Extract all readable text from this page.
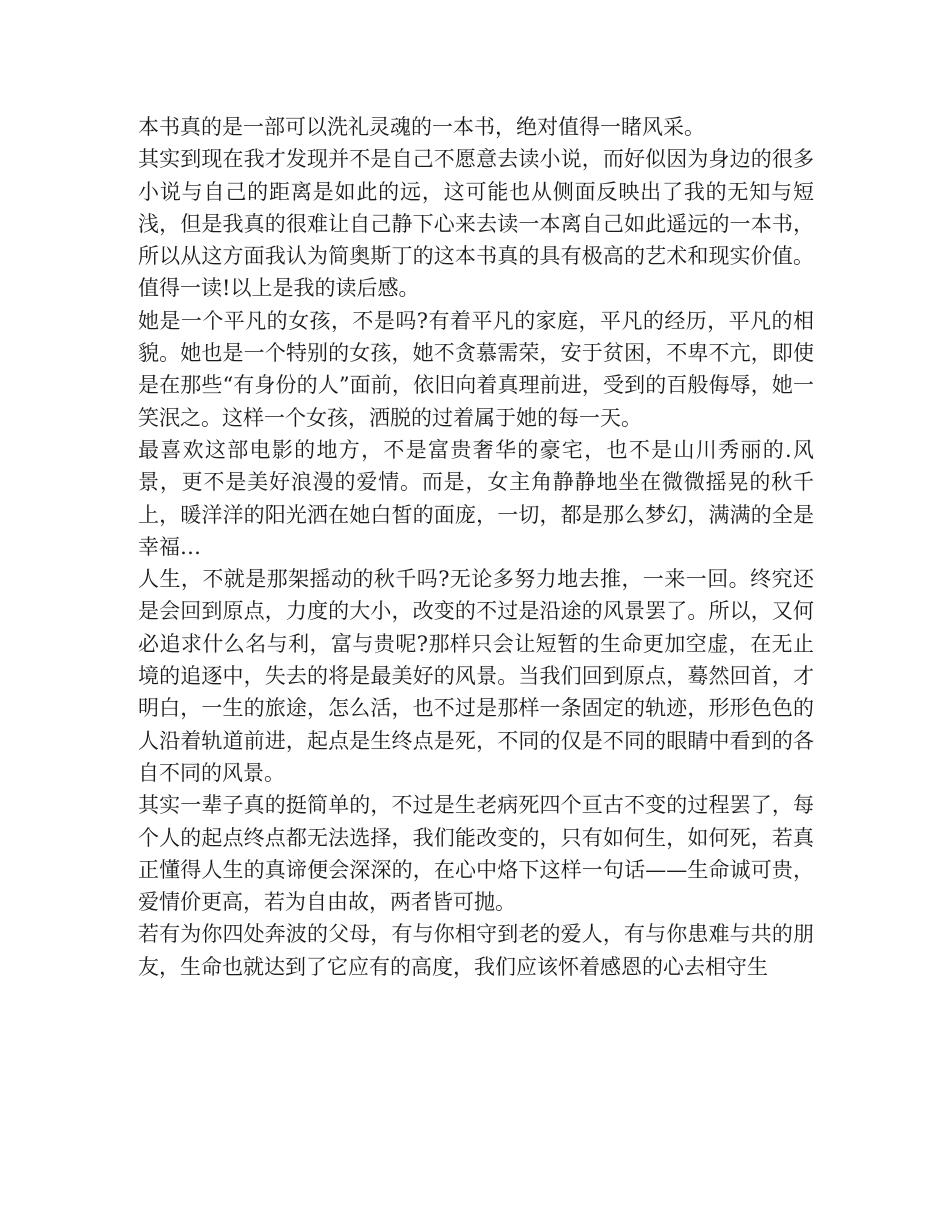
本书真的是一部可以洗礼灵魂的一本书，绝对值得一睹风采。

其实到现在我才发现并不是自己不愿意去读小说，而好似因为身边的很多小说与自己的距离是如此的远，这可能也从侧面反映出了我的无知与短浅，但是我真的很难让自己静下心来去读一本离自己如此遥远的一本书，所以从这方面我认为简奥斯丁的这本书真的具有极高的艺术和现实价值。值得一读!以上是我的读后感。

她是一个平凡的女孩，不是吗?有着平凡的家庭，平凡的经历，平凡的相貌。她也是一个特别的女孩，她不贪慕需荣，安于贫困，不卑不亢，即使是在那些“有身份的人”面前，依旧向着真理前进，受到的百般侮辱，她一笑泯之。这样一个女孩，洒脱的过着属于她的每一天。

最喜欢这部电影的地方，不是富贵奢华的豪宅，也不是山川秀丽的.风景，更不是美好浪漫的爱情。而是，女主角静静地坐在微微摇晃的秋千上，暖洋洋的阳光洒在她白皙的面庞，一切，都是那么梦幻，满满的全是幸福…

人生，不就是那架摇动的秋千吗?无论多努力地去推，一来一回。终究还是会回到原点，力度的大小，改变的不过是沿途的风景罢了。所以，又何必追求什么名与利，富与贵呢?那样只会让短暂的生命更加空虚，在无止境的追逐中，失去的将是最美好的风景。当我们回到原点，蓦然回首，才明白，一生的旅途，怎么活，也不过是那样一条固定的轨迹，形形色色的人沿着轨道前进，起点是生终点是死，不同的仅是不同的眼睛中看到的各自不同的风景。

其实一辈子真的挺简单的，不过是生老病死四个亘古不变的过程罢了，每个人的起点终点都无法选择，我们能改变的，只有如何生，如何死，若真正懂得人生的真谛便会深深的，在心中烙下这样一句话——生命诚可贵，爱情价更高，若为自由故，两者皆可抛。

若有为你四处奔波的父母，有与你相守到老的爱人，有与你患难与共的朋友，生命也就达到了它应有的高度，我们应该怀着感恩的心去相守生
